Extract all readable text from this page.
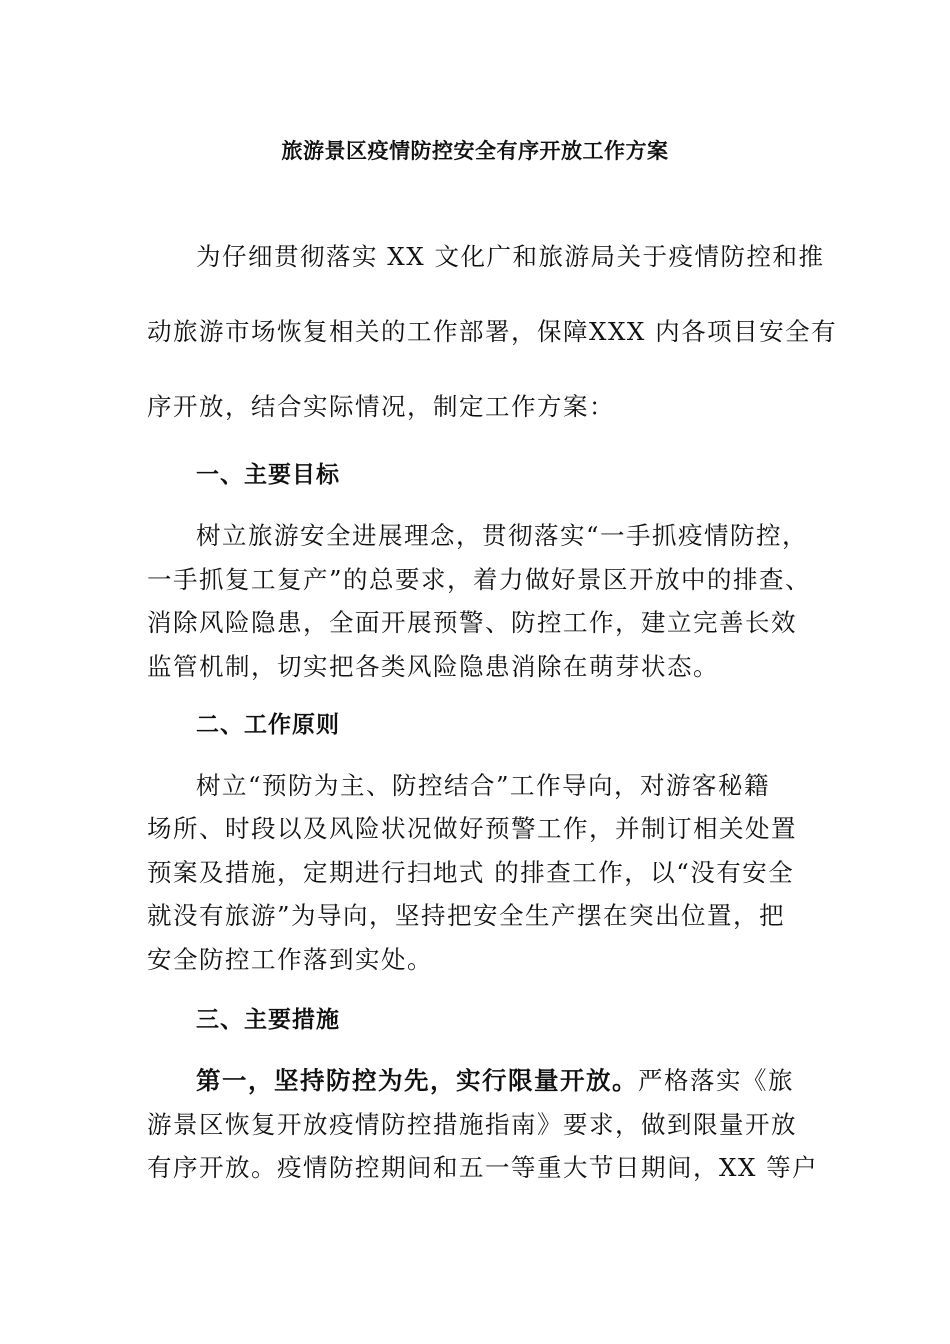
旅游景区疫情防控安全有序开放工作方案

为仔细贯彻落实 XX 文化广和旅游局关于疫情防控和推

动旅游市场恢复相关的工作部署，保障XXX 内各项目安全有

序开放，结合实际情况，制定工作方案：

一、主要目标

树立旅游安全进展理念，贯彻落实“一手抓疫情防控，

一手抓复工复产”的总要求，着力做好景区开放中的排查、

消除风险隐患，全面开展预警、防控工作，建立完善长效

监管机制，切实把各类风险隐患消除在萌芽状态。

二、工作原则

树立“预防为主、防控结合”工作导向，对游客秘籍

场所、时段以及风险状况做好预警工作，并制订相关处置

预案及措施，定期进行扫地式 的排查工作，以“没有安全

就没有旅游”为导向，坚持把安全生产摆在突出位置，把

安全防控工作落到实处。

三、主要措施

第一，坚持防控为先，实行限量开放。严格落实《旅

游景区恢复开放疫情防控措施指南》要求，做到限量开放

有序开放。疫情防控期间和五一等重大节日期间，XX 等户
